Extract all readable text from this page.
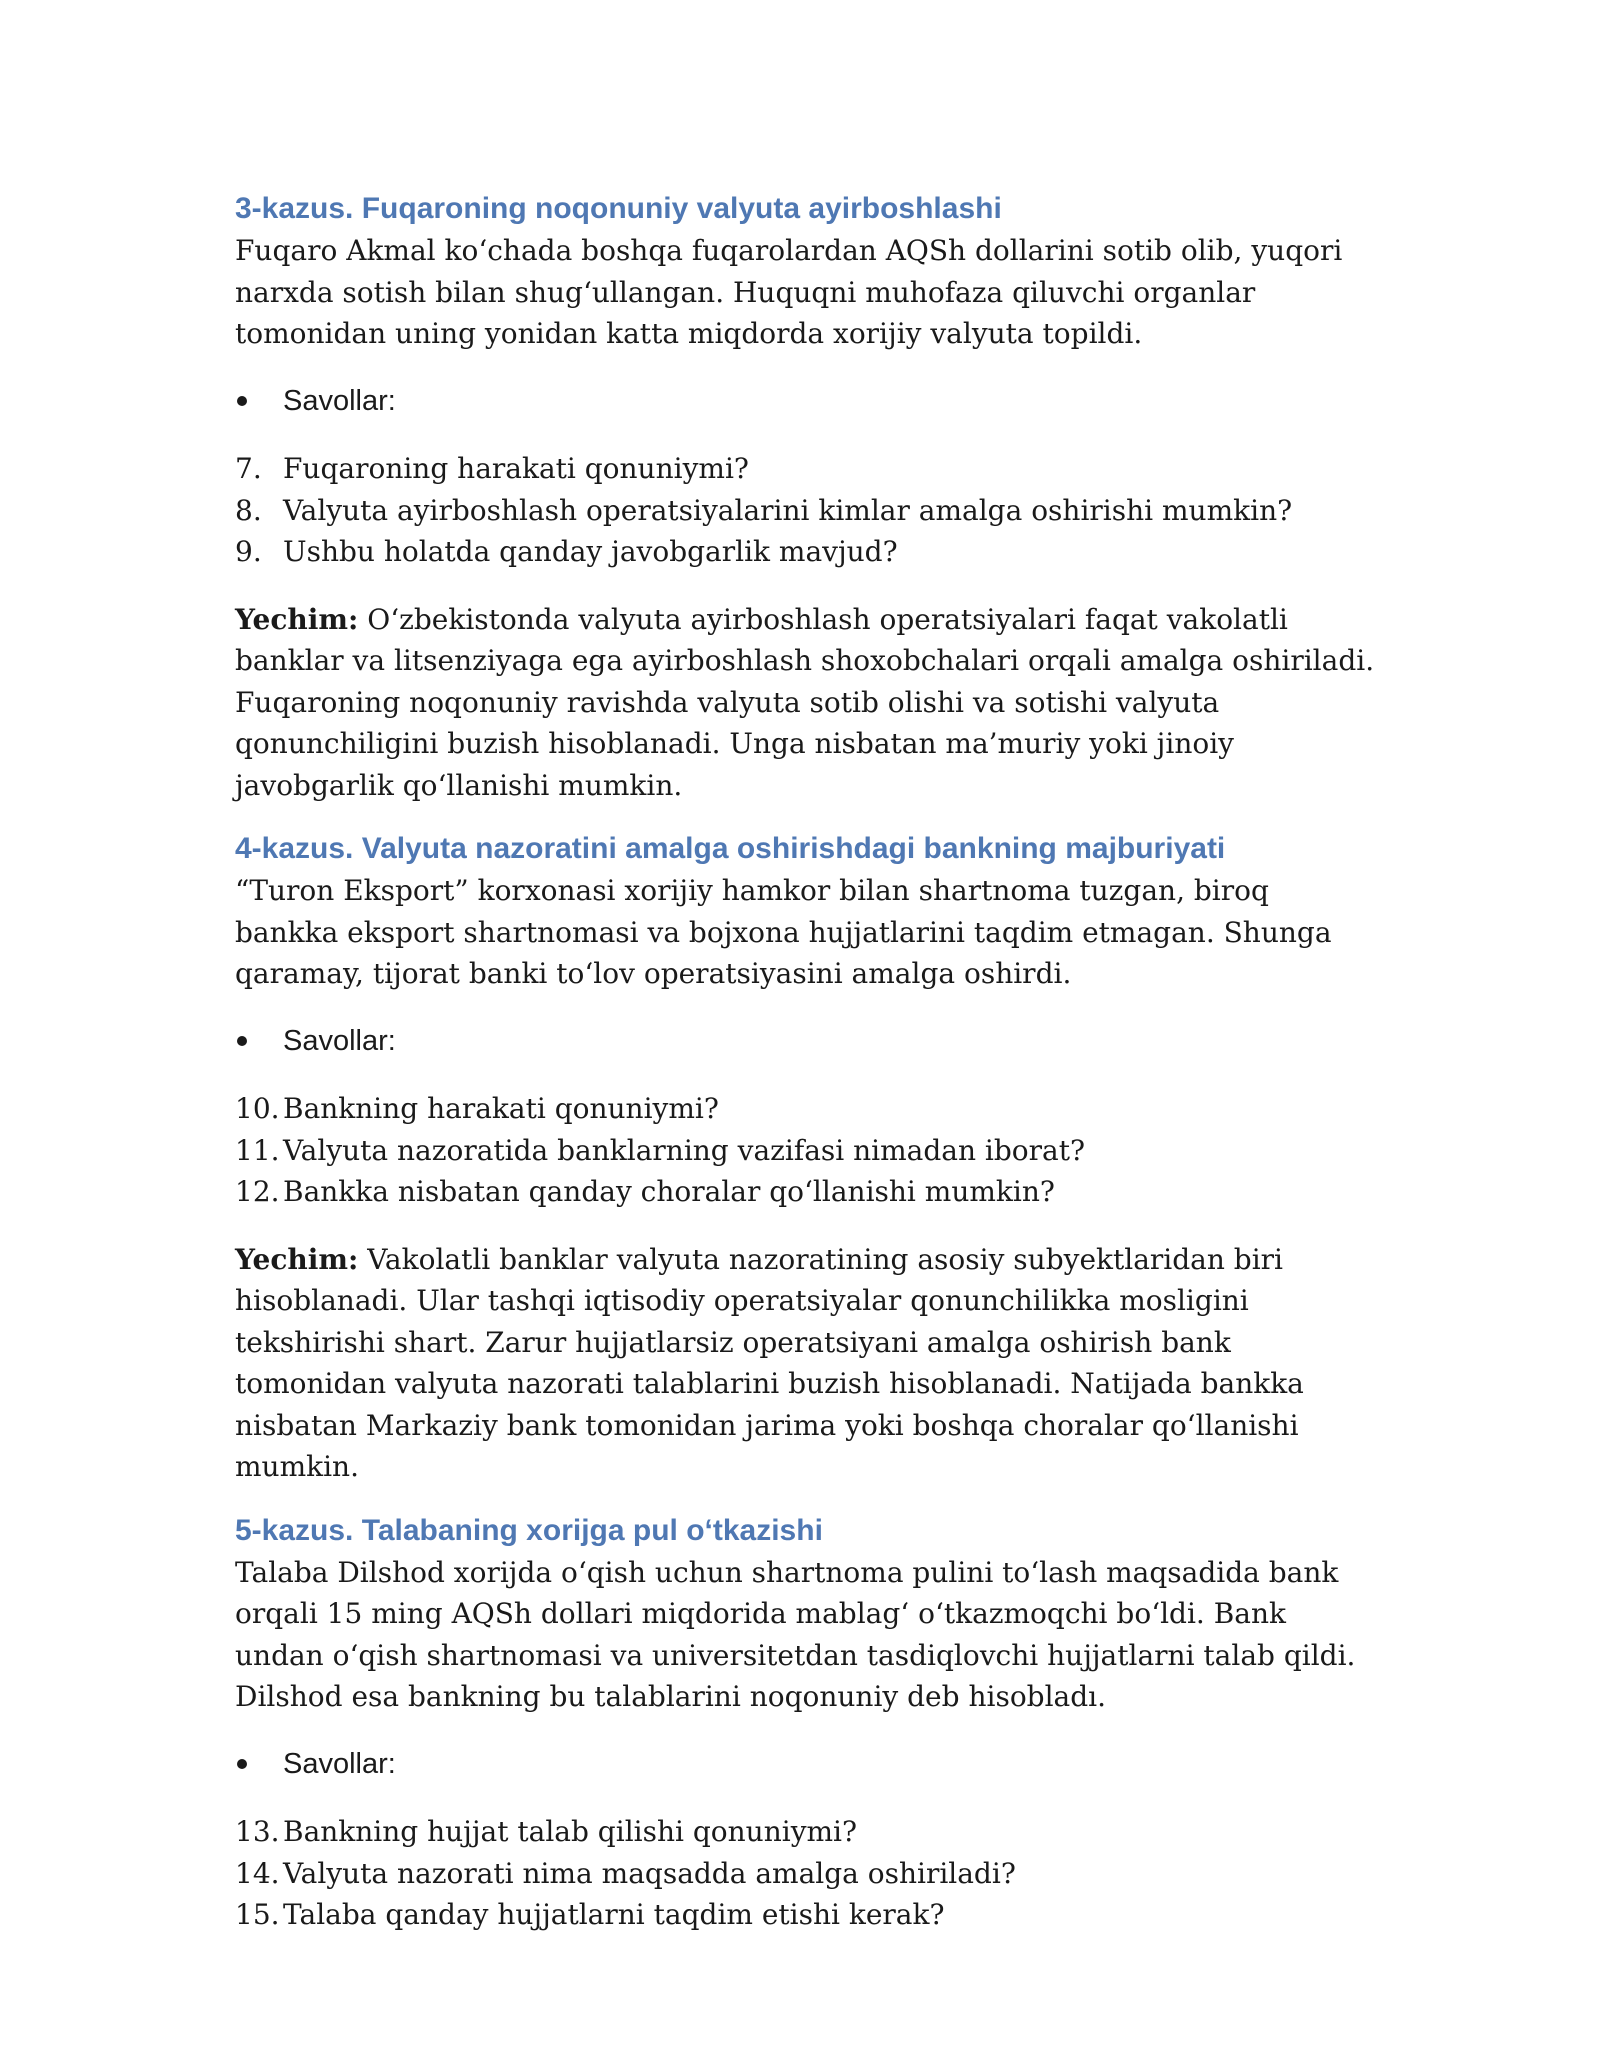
3-kazus. Fuqaroning noqonuniy valyuta ayirboshlashi

Fuqaro Akmal ko‘chada boshqa fuqarolardan AQSh dollarini sotib olib, yuqori narxda sotish bilan shug‘ullangan. Huquqni muhofaza qiluvchi organlar tomonidan uning yonidan katta miqdorda xorijiy valyuta topildi.

Savollar:
7. Fuqaroning harakati qonuniymi?
8. Valyuta ayirboshlash operatsiyalarini kimlar amalga oshirishi mumkin?
9. Ushbu holatda qanday javobgarlik mavjud?

Yechim: O‘zbekistonda valyuta ayirboshlash operatsiyalari faqat vakolatli banklar va litsenziyaga ega ayirboshlash shoxobchalari orqali amalga oshiriladi. Fuqaroning noqonuniy ravishda valyuta sotib olishi va sotishi valyuta qonunchiligini buzish hisoblanadi. Unga nisbatan ma’muriy yoki jinoiy javobgarlik qo‘llanishi mumkin.

4-kazus. Valyuta nazoratini amalga oshirishdagi bankning majburiyati

“Turon Eksport” korxonasi xorijiy hamkor bilan shartnoma tuzgan, biroq bankka eksport shartnomasi va bojxona hujjatlarini taqdim etmagan. Shunga qaramay, tijorat banki to‘lov operatsiyasini amalga oshirdi.

Savollar:
10. Bankning harakati qonuniymi?
11. Valyuta nazoratida banklarning vazifasi nimadan iborat?
12. Bankka nisbatan qanday choralar qo‘llanishi mumkin?

Yechim: Vakolatli banklar valyuta nazoratining asosiy subyektlaridan biri hisoblanadi. Ular tashqi iqtisodiy operatsiyalar qonunchilikka mosligini tekshirishi shart. Zarur hujjatlarsiz operatsiyani amalga oshirish bank tomonidan valyuta nazorati talablarini buzish hisoblanadi. Natijada bankka nisbatan Markaziy bank tomonidan jarima yoki boshqa choralar qo‘llanishi mumkin.

5-kazus. Talabaning xorijga pul o‘tkazishi

Talaba Dilshod xorijda o‘qish uchun shartnoma pulini to‘lash maqsadida bank orqali 15 ming AQSh dollari miqdorida mablag‘ o‘tkazmoqchi bo‘ldi. Bank undan o‘qish shartnomasi va universitetdan tasdiqlovchi hujjatlarni talab qildi. Dilshod esa bankning bu talablarini noqonuniy deb hisobladı.

Savollar:
13. Bankning hujjat talab qilishi qonuniymi?
14. Valyuta nazorati nima maqsadda amalga oshiriladi?
15. Talaba qanday hujjatlarni taqdim etishi kerak?
